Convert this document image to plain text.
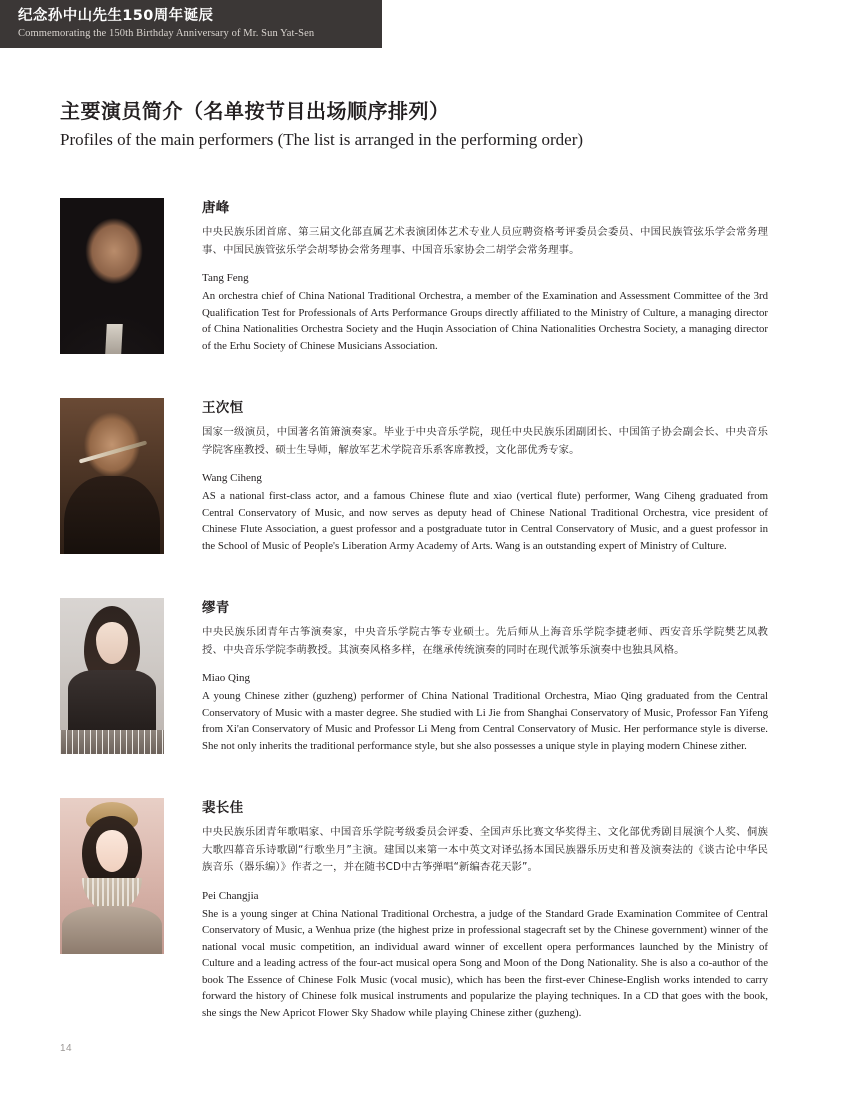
纪念孙中山先生150周年诞辰
Commemorating the 150th Birthday Anniversary of Mr. Sun Yat-Sen
主要演员简介（名单按节目出场顺序排列）
Profiles of the main performers (The list is arranged in the performing order)
唐峰
中央民族乐团首席、第三届文化部直属艺术表演团体艺术专业人员应聘资格考评委员会委员、中国民族管弦乐学会常务理事、中国民族管弦乐学会胡琴协会常务理事、中国音乐家协会二胡学会常务理事。
Tang Feng
An orchestra chief of China National Traditional Orchestra, a member of the Examination and Assessment Committee of the 3rd Qualification Test for Professionals of Arts Performance Groups directly affiliated to the Ministry of Culture, a managing director of China Nationalities Orchestra Society and the Huqin Association of China Nationalities Orchestra Society, a managing director of the Erhu Society of Chinese Musicians Association.
王次恒
国家一级演员，中国著名笛箫演奏家。毕业于中央音乐学院，现任中央民族乐团副团长、中国笛子协会副会长、中央音乐学院客座教授、硕士生导师，解放军艺术学院音乐系客席教授，文化部优秀专家。
Wang Ciheng
AS a national first-class actor, and a famous Chinese flute and xiao (vertical flute) performer, Wang Ciheng graduated from Central Conservatory of Music, and now serves as deputy head of Chinese National Traditional Orchestra, vice president of Chinese Flute Association, a guest professor and a postgraduate tutor in Central Conservatory of Music, and a guest professor in the School of Music of People's Liberation Army Academy of Arts. Wang is an outstanding expert of Ministry of Culture.
缪青
中央民族乐团青年古筝演奏家，中央音乐学院古筝专业硕士。先后师从上海音乐学院李捷老师、西安音乐学院樊艺凤教授、中央音乐学院李萌教授。其演奏风格多样，在继承传统演奏的同时在现代派筝乐演奏中也独具风格。
Miao Qing
A young Chinese zither (guzheng) performer of China National Traditional Orchestra, Miao Qing graduated from the Central Conservatory of Music with a master degree. She studied with Li Jie from Shanghai Conservatory of Music, Professor Fan Yifeng from Xi'an Conservatory of Music and Professor Li Meng from Central Conservatory of Music. Her performance style is diverse. She not only inherits the traditional performance style, but she also possesses a unique style in playing modern Chinese zither.
裴长佳
中央民族乐团青年歌唱家、中国音乐学院考级委员会评委、全国声乐比赛文华奖得主、文化部优秀剧目展演个人奖、侗族大歌四幕音乐诗歌剧“行歌坐月”主演。建国以来第一本中英文对译弘扬本国民族器乐历史和普及演奏法的《谈古论中华民族音乐（器乐编）》作者之一，并在随书CD中古筝弹唱“新编杏花天影”。
Pei Changjia
She is a young singer at China National Traditional Orchestra, a judge of the Standard Grade Examination Commitee of Central Conservatory of Music, a Wenhua prize (the highest prize in professional stagecraft set by the Chinese government) winner of the national vocal music competition, an individual award winner of excellent opera performances launched by the Ministry of Culture and a leading actress of the four-act musical opera Song and Moon of the Dong Nationality. She is also a co-author of the book The Essence of Chinese Folk Music (vocal music), which has been the first-ever Chinese-English works intended to carry forward the history of Chinese folk musical instruments and popularize the playing techniques. In a CD that goes with the book, she sings the New Apricot Flower Sky Shadow while playing Chinese zither (guzheng).
14
